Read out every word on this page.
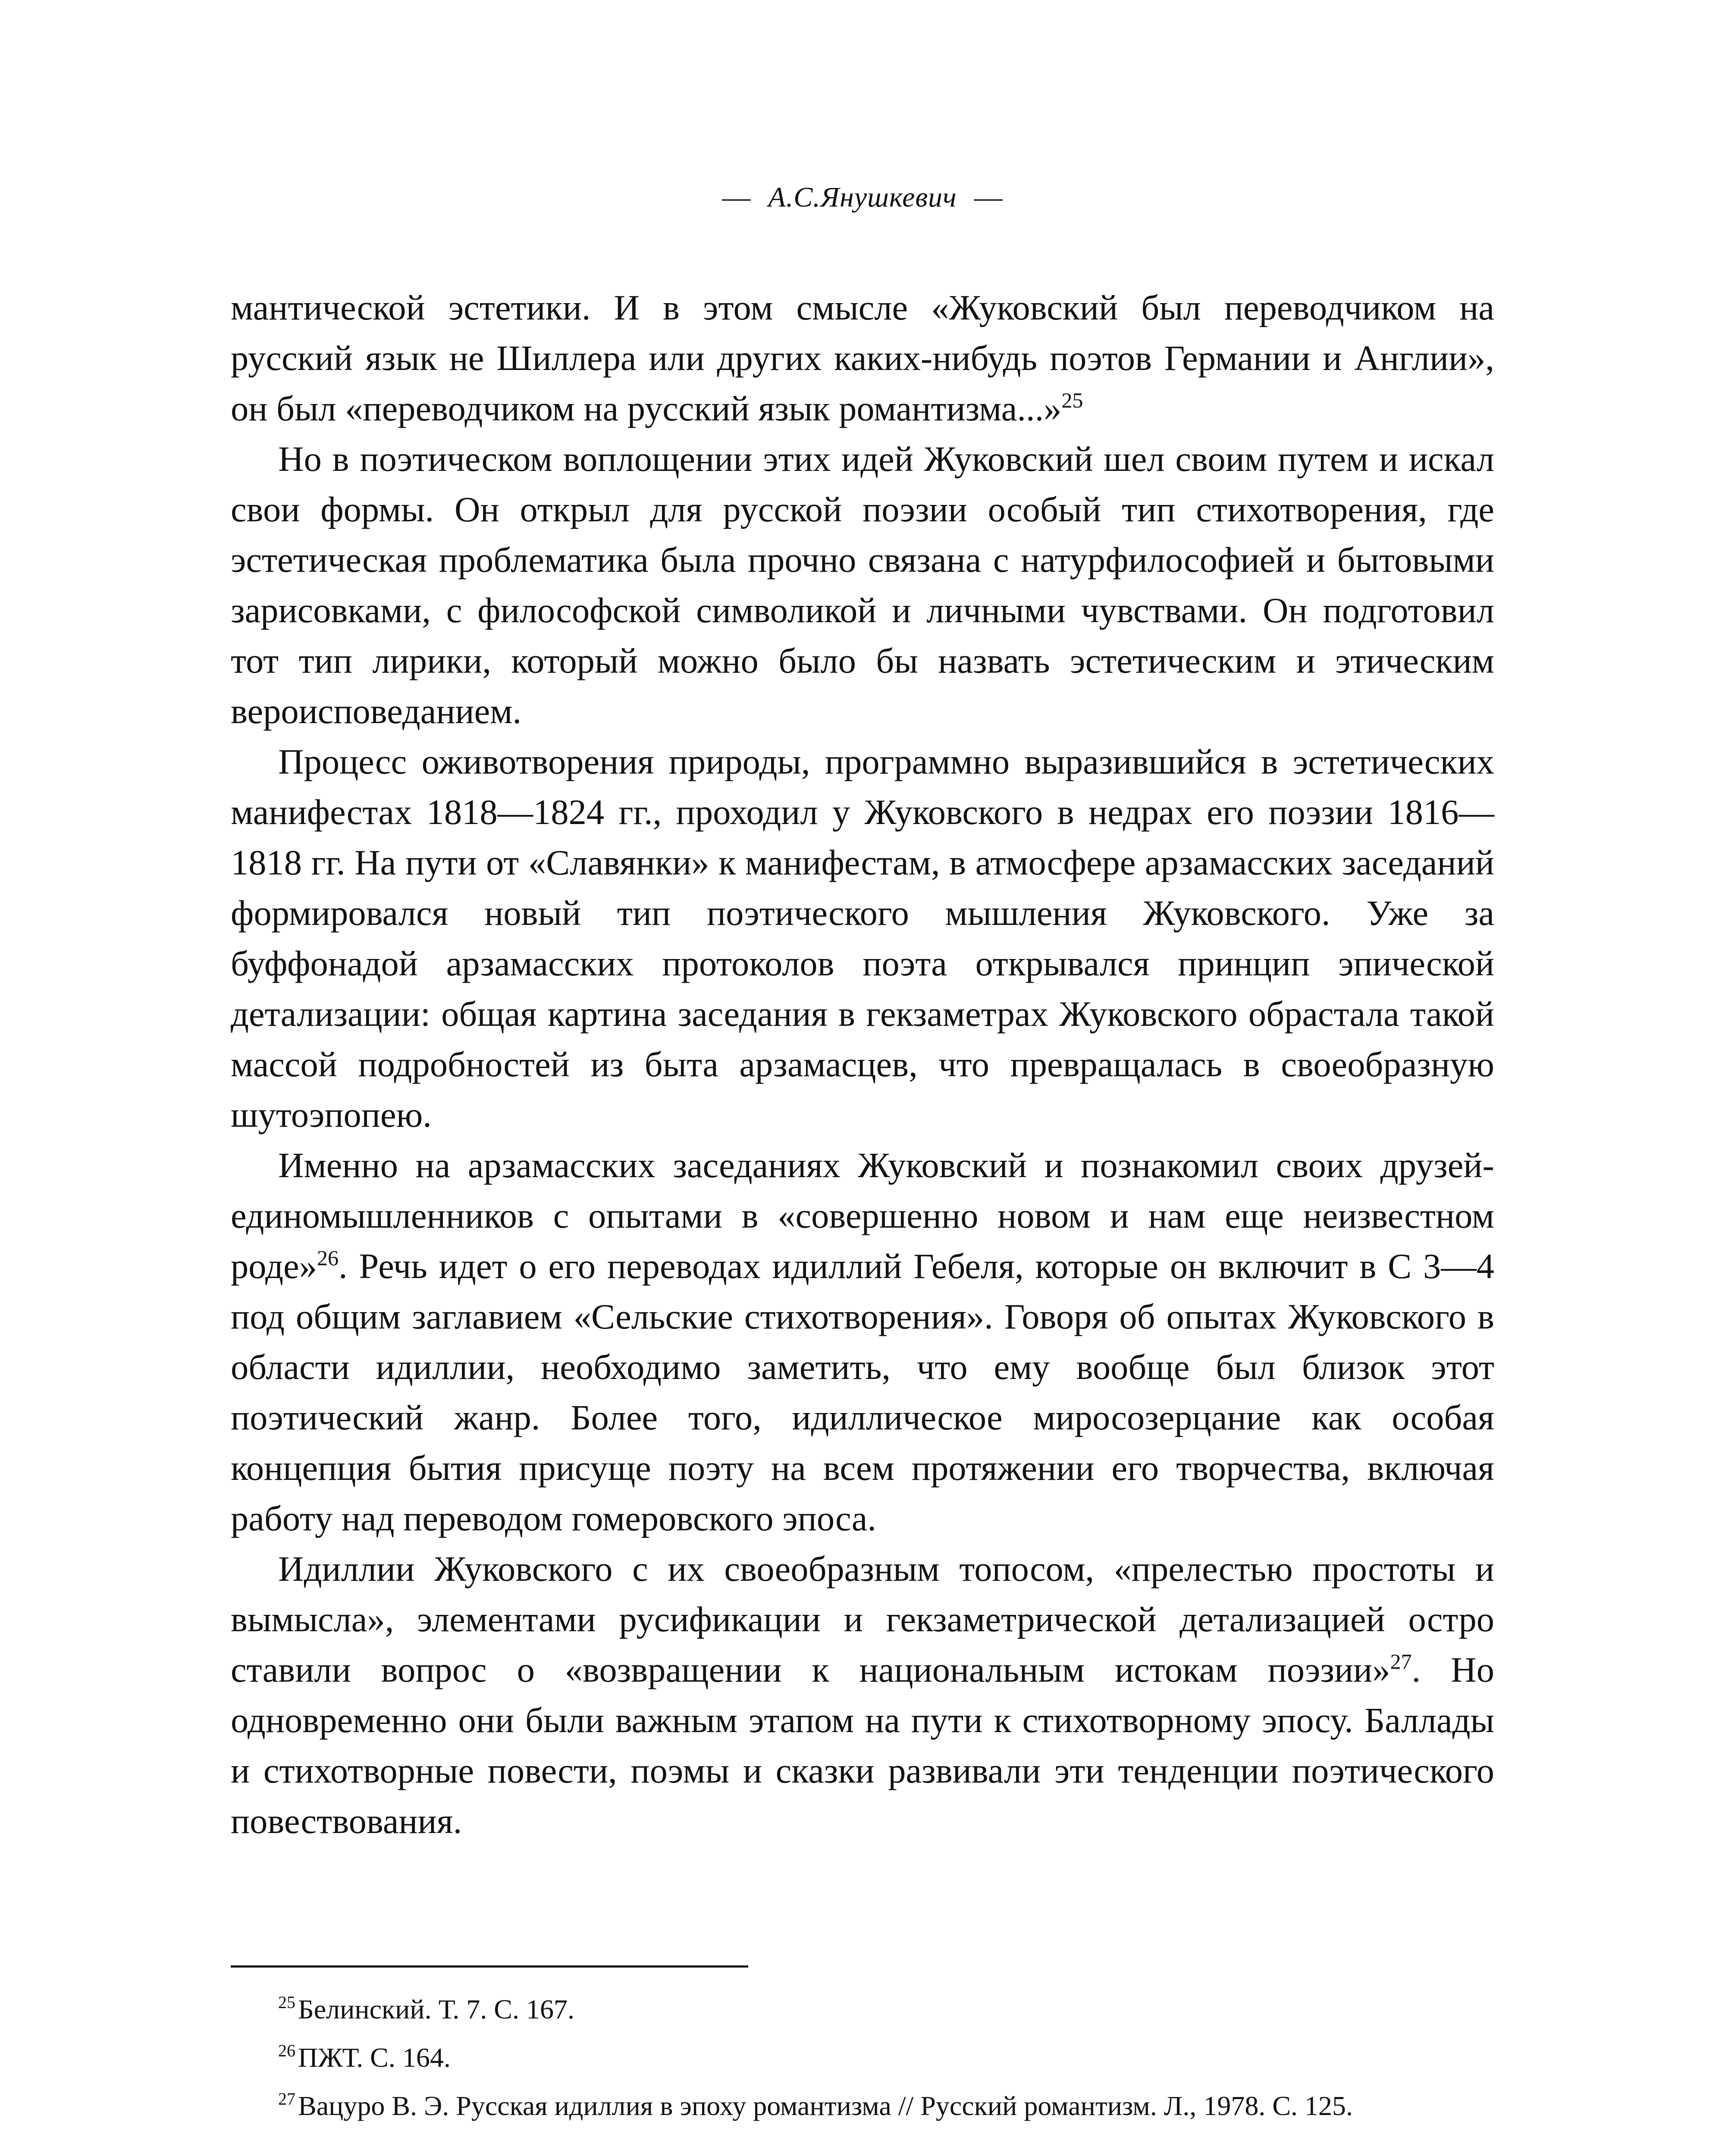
— А.С.Янушкевич —

мантической эстетики. И в этом смысле «Жуковский был переводчиком на русский язык не Шиллера или других каких-нибудь поэтов Германии и Англии», он был «переводчиком на русский язык романтизма...»$^{25}$

Но в поэтическом воплощении этих идей Жуковский шел своим путем и искал свои формы. Он открыл для русской поэзии особый тип стихотворения, где эстетическая проблематика была прочно связана с натурфилософией и бытовыми зарисовками, с философской символикой и личными чувствами. Он подготовил тот тип лирики, который можно было бы назвать эстетическим и этическим вероисповеданием.

Процесс оживотворения природы, программно выразившийся в эстетических манифестах 1818—1824 гг., проходил у Жуковского в недрах его поэзии 1816—1818 гг. На пути от «Славянки» к манифестам, в атмосфере арзамасских заседаний формировался новый тип поэтического мышления Жуковского. Уже за буффонадой арзамасских протоколов поэта открывался принцип эпической детализации: общая картина заседания в гекзаметрах Жуковского обрастала такой массой подробностей из быта арзамасцев, что превращалась в своеобразную шутоэпопею.

Именно на арзамасских заседаниях Жуковский и познакомил своих друзей-единомышленников с опытами в «совершенно новом и нам еще неизвестном роде»$^{26}$. Речь идет о его переводах идиллий Гебеля, которые он включит в С 3—4 под общим заглавием «Сельские стихотворения». Говоря об опытах Жуковского в области идиллии, необходимо заметить, что ему вообще был близок этот поэтический жанр. Более того, идиллическое миросозерцание как особая концепция бытия присуще поэту на всем протяжении его творчества, включая работу над переводом гомеровского эпоса.

Идиллии Жуковского с их своеобразным топосом, «прелестью простоты и вымысла», элементами русификации и гекзаметрической детализацией остро ставили вопрос о «возвращении к национальным истокам поэзии»$^{27}$. Но одновременно они были важным этапом на пути к стихотворному эпосу. Баллады и стихотворные повести, поэмы и сказки развивали эти тенденции поэтического повествования.

$^{25}$Белинский. Т. 7. С. 167.

$^{26}$ПЖТ. С. 164.

$^{27}$Вацуро В. Э. Русская идиллия в эпоху романтизма // Русский романтизм. Л., 1978. С. 125.
